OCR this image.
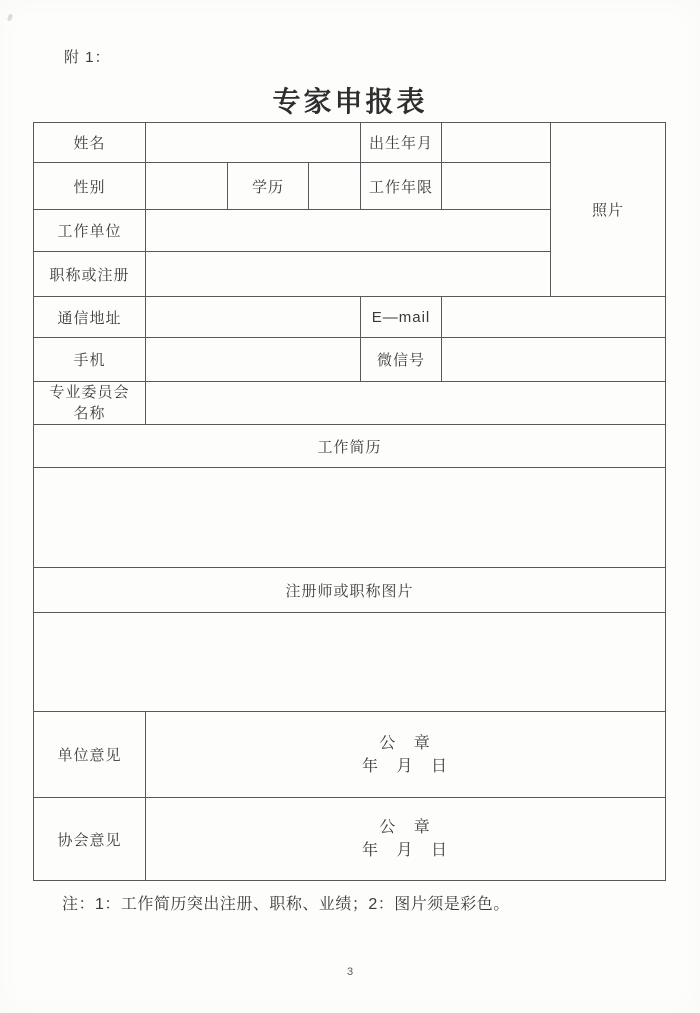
附 1：
专家申报表
姓名				出生年月		照片
性别		学历		工作年限		
工作单位						
职称或注册						
通信地址				E—mail		
手机				微信号		

专业委员会
名称						

工作简历						

注册师或职称图片						

单位意见	公 章
年 月 日					

协会意见	公 章
年 月 日					
注：1：工作简历突出注册、职称、业绩；2：图片须是彩色。
3
